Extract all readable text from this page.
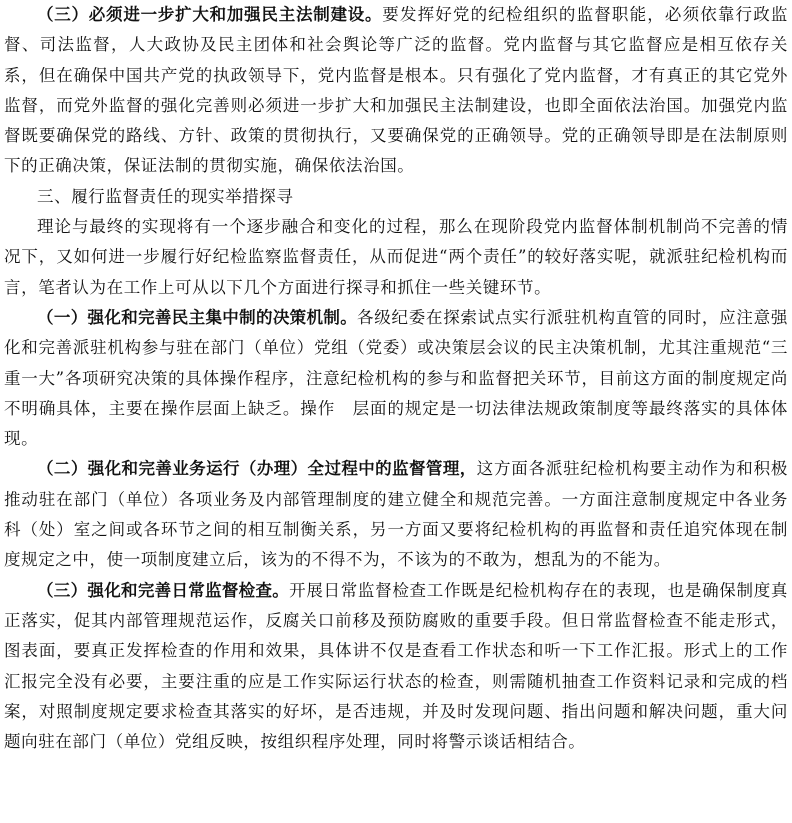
（三）必须进一步扩大和加强民主法制建设。要发挥好党的纪检组织的监督职能，必须依靠行政监督、司法监督，人大政协及民主团体和社会舆论等广泛的监督。党内监督与其它监督应是相互依存关系，但在确保中国共产党的执政领导下，党内监督是根本。只有强化了党内监督，才有真正的其它党外监督，而党外监督的强化完善则必须进一步扩大和加强民主法制建设，也即全面依法治国。加强党内监督既要确保党的路线、方针、政策的贯彻执行，又要确保党的正确领导。党的正确领导即是在法制原则下的正确决策，保证法制的贯彻实施，确保依法治国。

三、履行监督责任的现实举措探寻

理论与最终的实现将有一个逐步融合和变化的过程，那么在现阶段党内监督体制机制尚不完善的情况下，又如何进一步履行好纪检监察监督责任，从而促进“两个责任”的较好落实呢，就派驻纪检机构而言，笔者认为在工作上可从以下几个方面进行探寻和抓住一些关键环节。

（一）强化和完善民主集中制的决策机制。各级纪委在探索试点实行派驻机构直管的同时，应注意强化和完善派驻机构参与驻在部门（单位）党组（党委）或决策层会议的民主决策机制，尤其注重规范“三重一大”各项研究决策的具体操作程序，注意纪检机构的参与和监督把关环节，目前这方面的制度规定尚不明确具体，主要在操作层面上缺乏。操作　层面的规定是一切法律法规政策制度等最终落实的具体体现。

（二）强化和完善业务运行（办理）全过程中的监督管理，这方面各派驻纪检机构要主动作为和积极推动驻在部门（单位）各项业务及内部管理制度的建立健全和规范完善。一方面注意制度规定中各业务科（处）室之间或各环节之间的相互制衡关系，另一方面又要将纪检机构的再监督和责任追究体现在制度规定之中，使一项制度建立后，该为的不得不为，不该为的不敢为，想乱为的不能为。

（三）强化和完善日常监督检查。开展日常监督检查工作既是纪检机构存在的表现，也是确保制度真正落实，促其内部管理规范运作，反腐关口前移及预防腐败的重要手段。但日常监督检查不能走形式，图表面，要真正发挥检查的作用和效果，具体讲不仅是查看工作状态和听一下工作汇报。形式上的工作汇报完全没有必要，主要注重的应是工作实际运行状态的检查，则需随机抽查工作资料记录和完成的档案，对照制度规定要求检查其落实的好坏，是否违规，并及时发现问题、指出问题和解决问题，重大问题向驻在部门（单位）党组反映，按组织程序处理，同时将警示谈话相结合。
